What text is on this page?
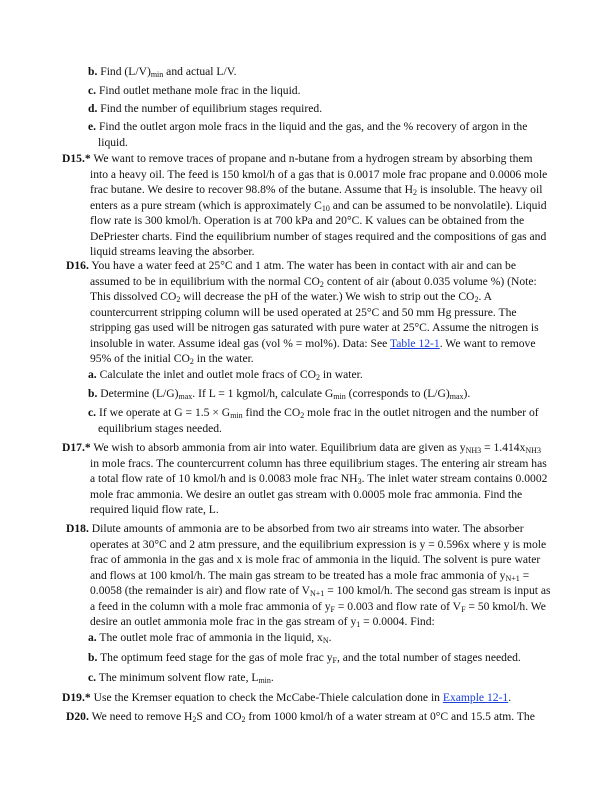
b. Find $(L/V)_{min}$ and actual L/V.

c. Find outlet methane mole frac in the liquid.

d. Find the number of equilibrium stages required.

e. Find the outlet argon mole fracs in the liquid and the gas, and the % recovery of argon in the liquid.

D15.* We want to remove traces of propane and n-butane from a hydrogen stream by absorbing them into a heavy oil. The feed is 150 kmol/h of a gas that is 0.0017 mole frac propane and 0.0006 mole frac butane. We desire to recover 98.8% of the butane. Assume that $H_2$ is insoluble. The heavy oil enters as a pure stream (which is approximately $C_{10}$ and can be assumed to be nonvolatile). Liquid flow rate is 300 kmol/h. Operation is at 700 kPa and 20°C. K values can be obtained from the DePriester charts. Find the equilibrium number of stages required and the compositions of gas and liquid streams leaving the absorber.

D16. You have a water feed at 25°C and 1 atm. The water has been in contact with air and can be assumed to be in equilibrium with the normal $CO_2$ content of air (about 0.035 volume %) (Note: This dissolved $CO_2$ will decrease the pH of the water.) We wish to strip out the $CO_2$. A countercurrent stripping column will be used operated at 25°C and 50 mm Hg pressure. The stripping gas used will be nitrogen gas saturated with pure water at 25°C. Assume the nitrogen is insoluble in water. Assume ideal gas (vol % = mol%). Data: See Table 12-1. We want to remove 95% of the initial $CO_2$ in the water.

a. Calculate the inlet and outlet mole fracs of $CO_2$ in water.

b. Determine $(L/G)_{max}$. If L = 1 kgmol/h, calculate $G_{min}$ (corresponds to $(L/G)_{max}$).

c. If we operate at $G = 1.5 \times G_{min}$ find the $CO_2$ mole frac in the outlet nitrogen and the number of equilibrium stages needed.

D17.* We wish to absorb ammonia from air into water. Equilibrium data are given as $y_{NH3} = 1.414x_{NH3}$ in mole fracs. The countercurrent column has three equilibrium stages. The entering air stream has a total flow rate of 10 kmol/h and is 0.0083 mole frac $NH_3$. The inlet water stream contains 0.0002 mole frac ammonia. We desire an outlet gas stream with 0.0005 mole frac ammonia. Find the required liquid flow rate, L.

D18. Dilute amounts of ammonia are to be absorbed from two air streams into water. The absorber operates at 30°C and 2 atm pressure, and the equilibrium expression is y = 0.596x where y is mole frac of ammonia in the gas and x is mole frac of ammonia in the liquid. The solvent is pure water and flows at 100 kmol/h. The main gas stream to be treated has a mole frac ammonia of $y_{N+1} = 0.0058$ (the remainder is air) and flow rate of $V_{N+1} = 100$ kmol/h. The second gas stream is input as a feed in the column with a mole frac ammonia of $y_F = 0.003$ and flow rate of $V_F = 50$ kmol/h. We desire an outlet ammonia mole frac in the gas stream of $y_1 = 0.0004$. Find:

a. The outlet mole frac of ammonia in the liquid, $x_N$.

b. The optimum feed stage for the gas of mole frac $y_F$, and the total number of stages needed.

c. The minimum solvent flow rate, $L_{min}$.

D19.* Use the Kremser equation to check the McCabe-Thiele calculation done in Example 12-1.

D20. We need to remove $H_2S$ and $CO_2$ from 1000 kmol/h of a water stream at 0°C and 15.5 atm. The
